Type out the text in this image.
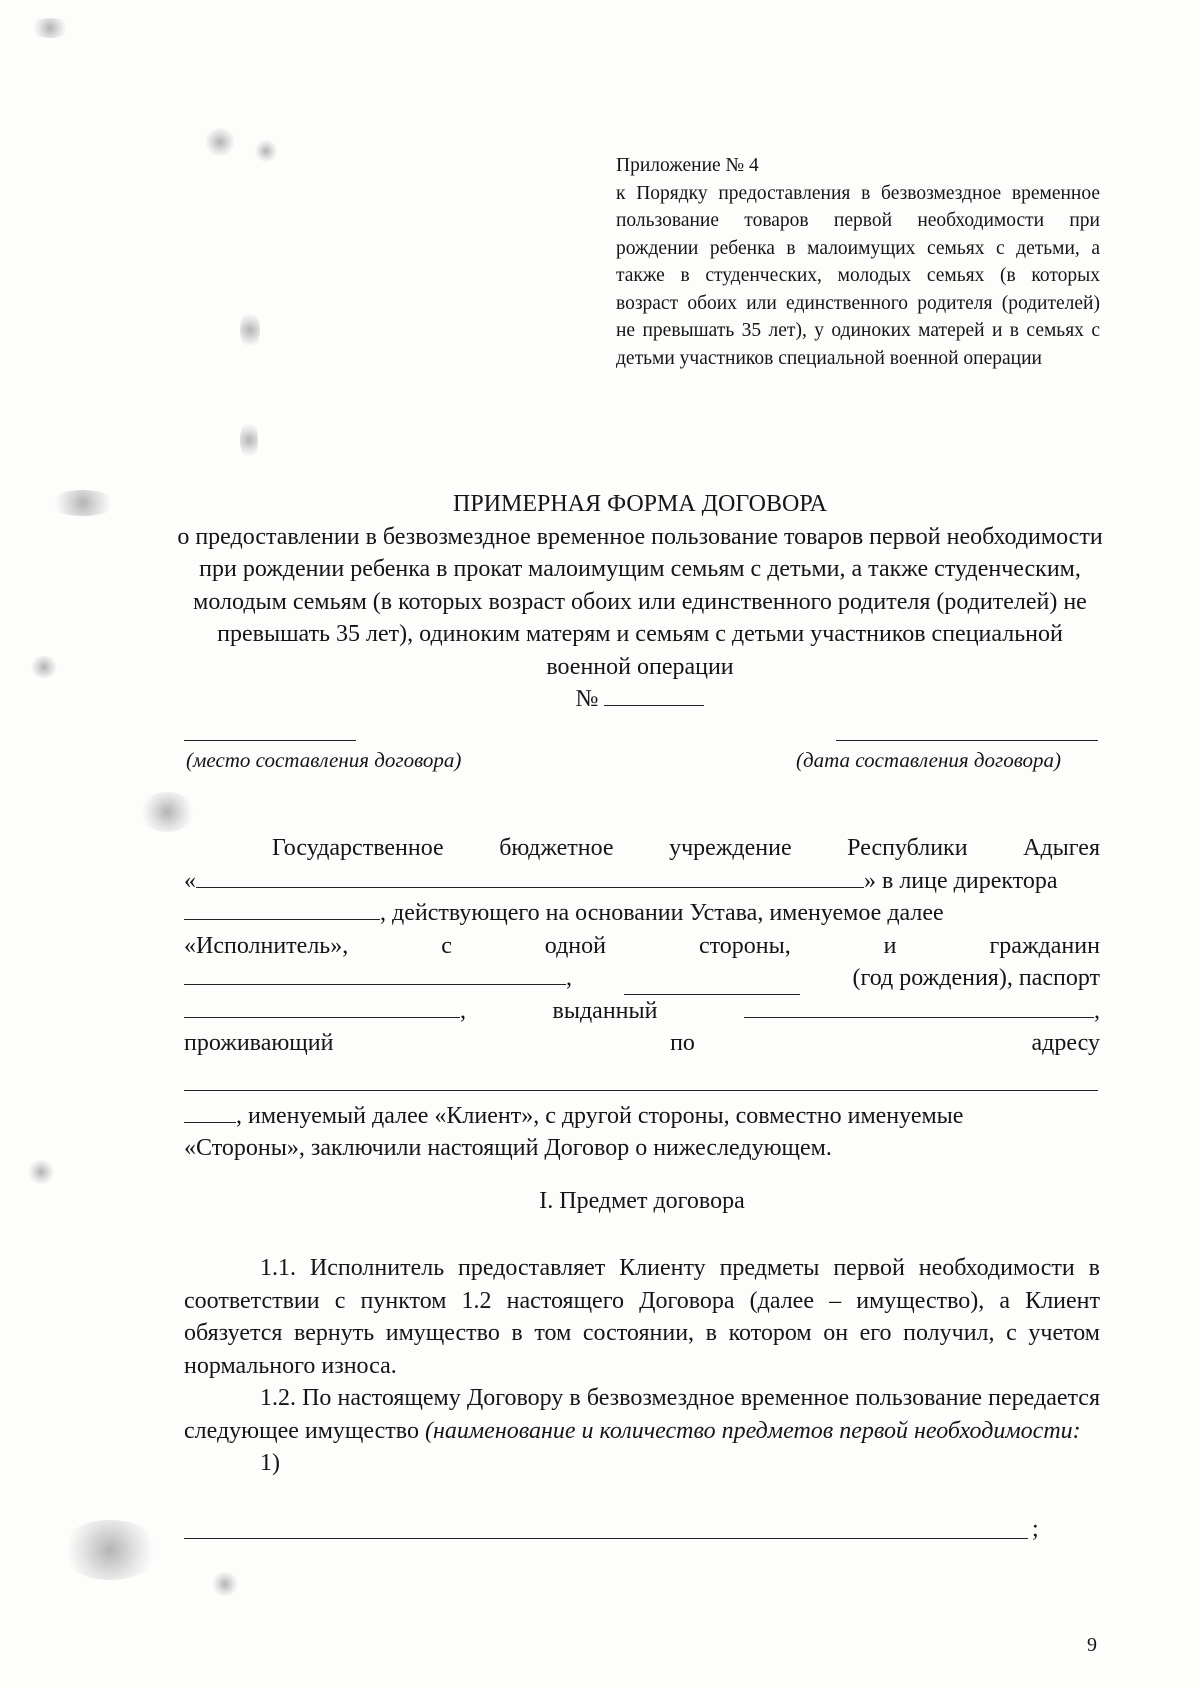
Приложение № 4
к Порядку предоставления в безвозмездное временное пользование товаров первой необходимости при рождении ребенка в малоимущих семьях с детьми, а также в студенческих, молодых семьях (в которых возраст обоих или единственного родителя (родителей) не превышать 35 лет), у одиноких матерей и в семьях с детьми участников специальной военной операции
ПРИМЕРНАЯ ФОРМА ДОГОВОРА
о предоставлении в безвозмездное временное пользование товаров первой необходимости при рождении ребенка в прокат малоимущим семьям с детьми, а также студенческим, молодым семьям (в которых возраст обоих или единственного родителя (родителей) не превышать 35 лет), одиноким матерям и семьям с детьми участников специальной военной операции
№
(место составления договора)	(дата составления договора)
Государственное бюджетное учреждение Республики Адыгея
«	» в лице директора
, действующего на основании Устава, именуемое далее
«Исполнитель»,	с	одной	стороны,	и	гражданин
,	(год рождения), паспорт
,	выданный	,
проживающий	по	адресу
, именуемый далее «Клиент», с другой стороны, совместно именуемые
«Стороны», заключили настоящий Договор о нижеследующем.
I. Предмет договора

1.1. Исполнитель предоставляет Клиенту предметы первой необходимости в соответствии с пунктом 1.2 настоящего Договора (далее – имущество), а Клиент обязуется вернуть имущество в том состоянии, в котором он его получил, с учетом нормального износа.

1.2. По настоящему Договору в безвозмездное временное пользование передается следующее имущество (наименование и количество предметов первой необходимости:

1)

;
9
